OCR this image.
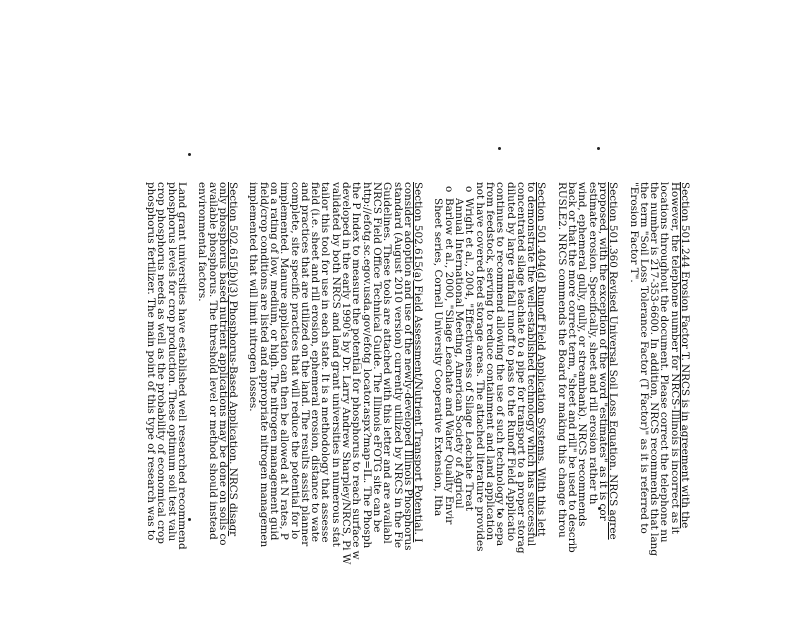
Section 501.244 Erosion Factor T. NRCS is in agreement with the
However, the telephone number for NRCS-Illinois is incorrect as it
locations throughout the document. Please correct the telephone nu
the number is 217-353-6600. In addition, NRCS recommends that lang
the term "Soil Loss Tolerance Factor (T Factor)" as it is referred to
"Erosion Factor T".
Section 501.360 Revised Universal Soil Loss Equation. NRCS agree
proposed, with the exception of the word "estimates" as it is cor
estimate erosion. Specifically, sheet and rill erosion rather th
wind, ephemeral gully, gully, or streambank). NRCS recommends
back or that the more correct term, "sheet and rill" be used to describ
RUSLE2. NRCS commends the Board for making this change throu
Section 501.404(d) Runoff Field Application Systems. With this lett
to demonstrate the well-established technology which has successful
concentrated silage leachate to a pipe for transport to a proper storag
diluted by large rainfall runoff to pass to the Runoff Field Applicatio
continues to recommend allowing the use of such technology to sepa
from feedstock, serving to reduce containment and land application
not have covered feed storage areas. The attached literature provides
oWright et al., 2004, "Effectiveness of Silage Leachate Treat
Annual International Meeting, American Society of Agricul
oBarlow et al., 2000, "Silage Leachate and Water Quality Envir
Sheet series, Cornell University Cooperative Extension, Itha
Section 502.615(a) Field Assessment/Nutrient Transport Potential. I
consider adoption and use of the newly-developed Illinois Phosphorus
standard (August 2010 version) currently utilized by NRCS in the Fie
Guidelines. These tools are attached with this letter and are availabl
NRCS Field Office Technical Guide. The Illinois eFOTG site can be
http://efotg.sc.egov.usda.gov/efotg_locator.aspx?map=IL. The Phosph
the P Index to measure the potential for phosphorus to reach surface w
developed in the early 1990's by Dr. Larry Andrew Sharpley/NRCS, Pi W
validated by both NRCS and land grant universities in numerous stat
tailor this tool for use in each state. It is a methodology that assesse
field (i.e. sheet and rill erosion, ephemeral erosion, distance to wate
and practices that are utilized on the land. The results assist planner
complete, site specific practices that will reduce the potential for lo
implemented. Manure application can then be allowed at N rates, P
on a rating of low, medium, or high. The nitrogen management guid
field/crop conditions are listed and appropriate nitrogen managemen
implemented that will limit nitrogen losses.
Section 502.615(b)(3) Phosphorus-Based Application. NRCS disagr
only phosphorus based nutrient applications may be done on soils co
available phosphorus. The threshold level or method should instead
environmental factors.
Land grant universities have established well researched recommend
phosphorus levels for crop production. These optimum soil test valu
crop phosphorus needs as well as the probability of economical crop
phosphorus fertilizer. The main point of this type of research was to
